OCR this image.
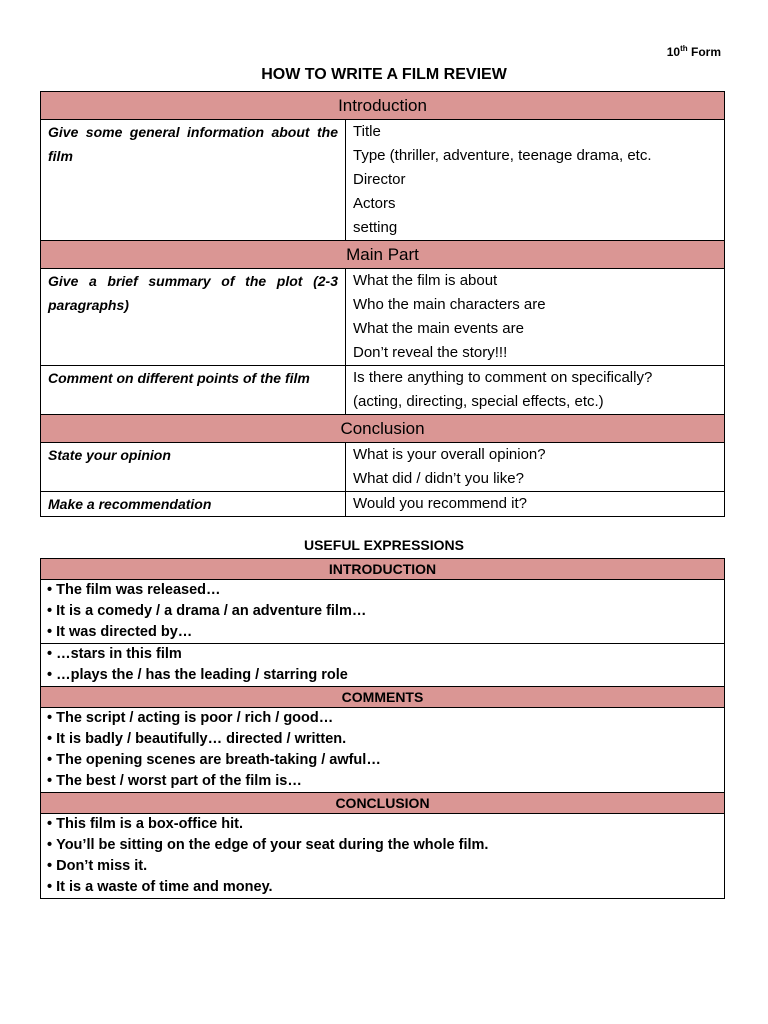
10th Form
HOW TO WRITE A FILM REVIEW
Introduction	
Give some general information about the film	Title
Type (thriller, adventure, teenage drama, etc.
Director
Actors
setting

Main Part	
Give a brief summary of the plot (2-3 paragraphs)	What the film is about
Who the main characters are
What the main events are
Don’t reveal the story!!!

Comment on different points of the film	Is there anything to comment on specifically?
(acting, directing, special effects, etc.)

Conclusion	
State your opinion	What is your overall opinion?
What did / didn’t you like?

Make a recommendation	Would you recommend it?
USEFUL EXPRESSIONS
INTRODUCTION

• The film was released…
• It is a comedy / a drama / an adventure film…
• It was directed by…

• …stars in this film
• …plays the / has the leading / starring role

COMMENTS

• The script / acting is poor / rich / good…
• It is badly / beautifully… directed / written.
• The opening scenes are breath-taking / awful…
• The best / worst part of the film is…

CONCLUSION

• This film is a box-office hit.
• You’ll be sitting on the edge of your seat during the whole film.
• Don’t miss it.
• It is a waste of time and money.
